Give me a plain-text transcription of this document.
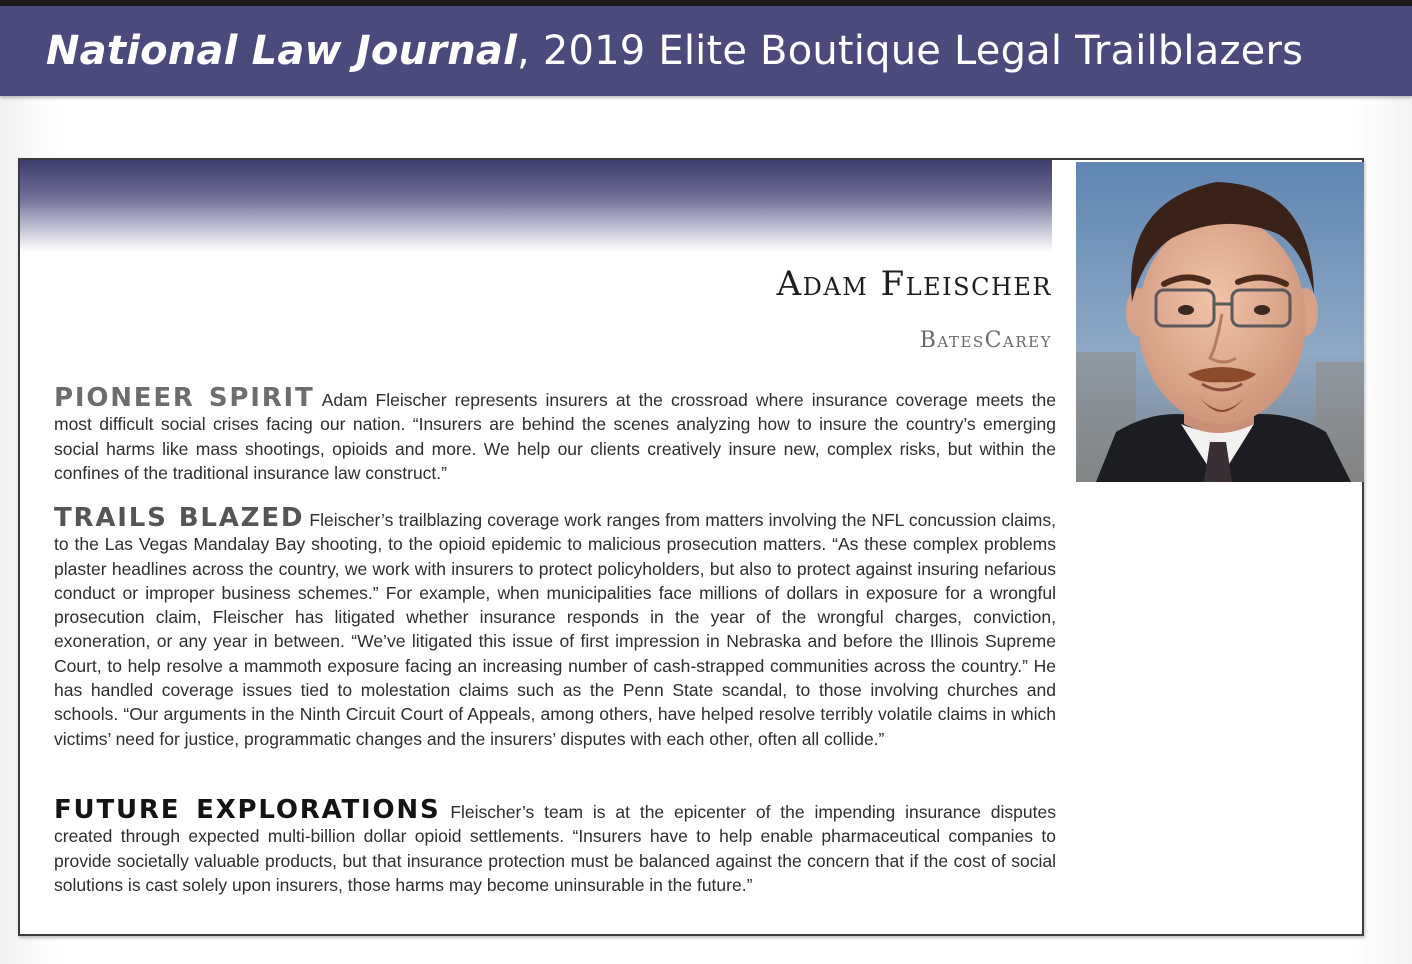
National Law Journal, 2019 Elite Boutique Legal Trailblazers
Adam Fleischer
BatesCarey

PIONEER SPIRIT Adam Fleischer represents insurers at the crossroad where insurance coverage meets the most difficult social crises facing our nation. “Insurers are behind the scenes analyzing how to insure the country’s emerging social harms like mass shootings, opioids and more. We help our clients creatively insure new, complex risks, but within the confines of the traditional insurance law construct.”

TRAILS BLAZED Fleischer’s trailblazing coverage work ranges from matters involving the NFL concussion claims, to the Las Vegas Mandalay Bay shooting, to the opioid epidemic to malicious prosecution matters. “As these complex problems plaster headlines across the country, we work with insurers to protect policyholders, but also to protect against insuring nefarious conduct or improper business schemes.” For example, when municipalities face millions of dollars in exposure for a wrongful prosecution claim, Fleischer has litigated whether insurance responds in the year of the wrongful charges, conviction, exoneration, or any year in between. “We’ve litigated this issue of first impression in Nebraska and before the Illinois Supreme Court, to help resolve a mammoth exposure facing an increasing number of cash-strapped communities across the country.” He has handled coverage issues tied to molestation claims such as the Penn State scandal, to those involving churches and schools. “Our arguments in the Ninth Circuit Court of Appeals, among others, have helped resolve terribly volatile claims in which victims’ need for justice, programmatic changes and the insurers’ disputes with each other, often all collide.”

FUTURE EXPLORATIONS Fleischer’s team is at the epicenter of the impending insurance disputes created through expected multi-billion dollar opioid settlements. “Insurers have to help enable pharmaceutical companies to provide societally valuable products, but that insurance protection must be balanced against the concern that if the cost of social solutions is cast solely upon insurers, those harms may become uninsurable in the future.”
